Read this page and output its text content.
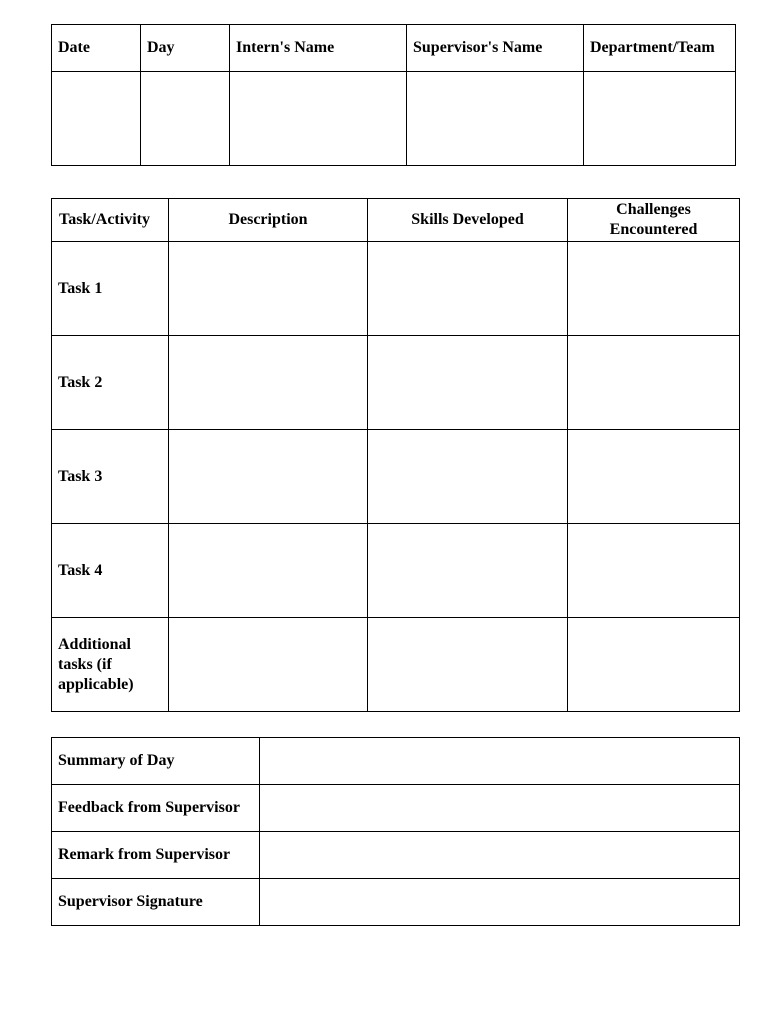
Date	Day	Intern's Name	Supervisor's Name	Department/Team

Task/Activity	Description	Skills Developed	Challenges Encountered
Task 1			
Task 2			
Task 3			
Task 4			
Additional tasks (if applicable)			
Summary of Day	
Feedback from Supervisor	
Remark from Supervisor	
Supervisor Signature	
